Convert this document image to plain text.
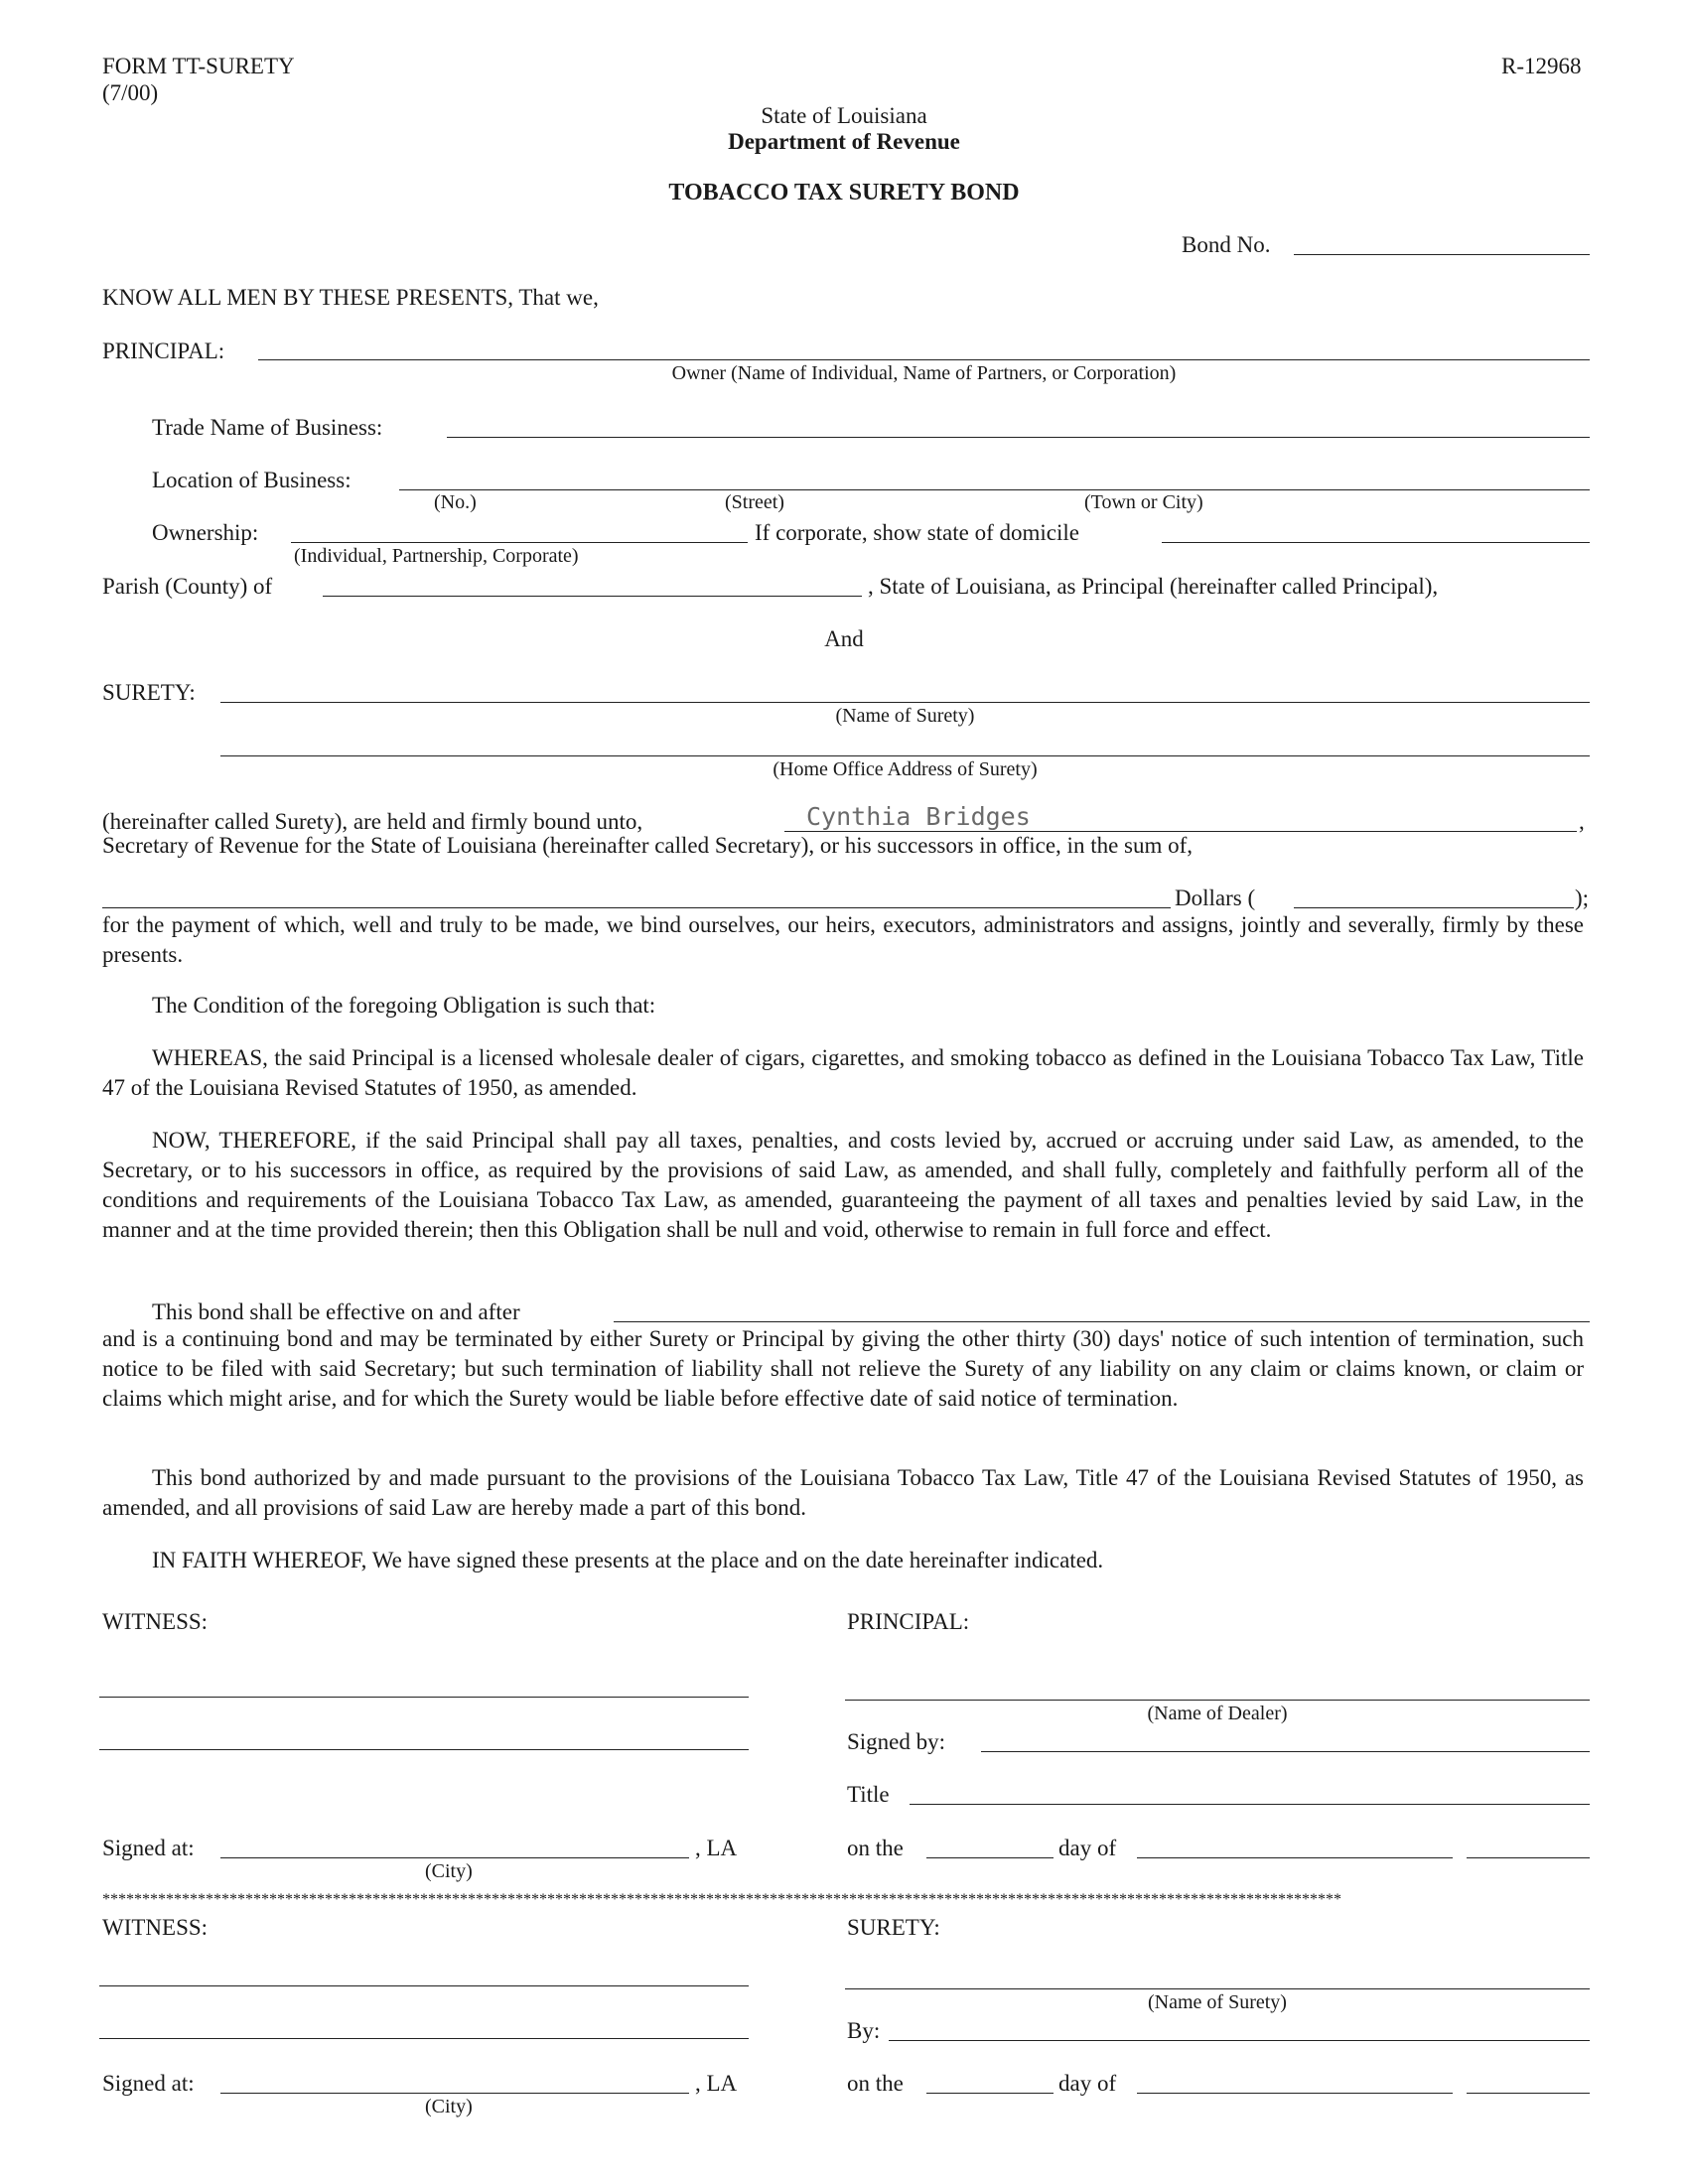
FORM TT-SURETY
(7/00)
R-12968
State of Louisiana
Department of Revenue
TOBACCO TAX SURETY BOND
Bond No.
KNOW ALL MEN BY THESE PRESENTS, That we,
PRINCIPAL:
Owner (Name of Individual, Name of Partners, or Corporation)
Trade Name of Business:
Location of Business:
(No.)	(Street)	(Town or City)
Ownership:	If corporate, show state of domicile
(Individual, Partnership, Corporate)
Parish (County) of	, State of Louisiana, as Principal (hereinafter called Principal),
And
SURETY:
(Name of Surety)
(Home Office Address of Surety)
(hereinafter called Surety), are held and firmly bound unto,	Cynthia Bridges	,
Secretary of Revenue for the State of Louisiana (hereinafter called Secretary), or his successors in office, in the sum of,
Dollars (	);
for the payment of which, well and truly to be made, we bind ourselves, our heirs, executors, administrators and assigns, jointly and severally, firmly by these presents.
The Condition of the foregoing Obligation is such that:
WHEREAS, the said Principal is a licensed wholesale dealer of cigars, cigarettes, and smoking tobacco as defined in the Louisiana Tobacco Tax Law, Title 47 of the Louisiana Revised Statutes of 1950, as amended.
NOW, THEREFORE, if the said Principal shall pay all taxes, penalties, and costs levied by, accrued or accruing under said Law, as amended, to the Secretary, or to his successors in office, as required by the provisions of said Law, as amended, and shall fully, completely and faithfully perform all of the conditions and requirements of the Louisiana Tobacco Tax Law, as amended, guaranteeing the payment of all taxes and penalties levied by said Law, in the manner and at the time provided therein; then this Obligation shall be null and void, otherwise to remain in full force and effect.
This bond shall be effective on and after
and is a continuing bond and may be terminated by either Surety or Principal by giving the other thirty (30) days' notice of such intention of termination, such notice to be filed with said Secretary; but such termination of liability shall not relieve the Surety of any liability on any claim or claims known, or claim or claims which might arise, and for which the Surety would be liable before effective date of said notice of termination.
This bond authorized by and made pursuant to the provisions of the Louisiana Tobacco Tax Law, Title 47 of the Louisiana Revised Statutes of 1950, as amended, and all provisions of said Law are hereby made a part of this bond.
IN FAITH WHEREOF, We have signed these presents at the place and on the date hereinafter indicated.
WITNESS:	PRINCIPAL:
(Name of Dealer)
Signed by:
Title
Signed at:	, LA
(City)
on the	day of
************************************************************************************************************************************************************
WITNESS:	SURETY:
(Name of Surety)
By:
Signed at:	, LA
(City)
on the	day of
